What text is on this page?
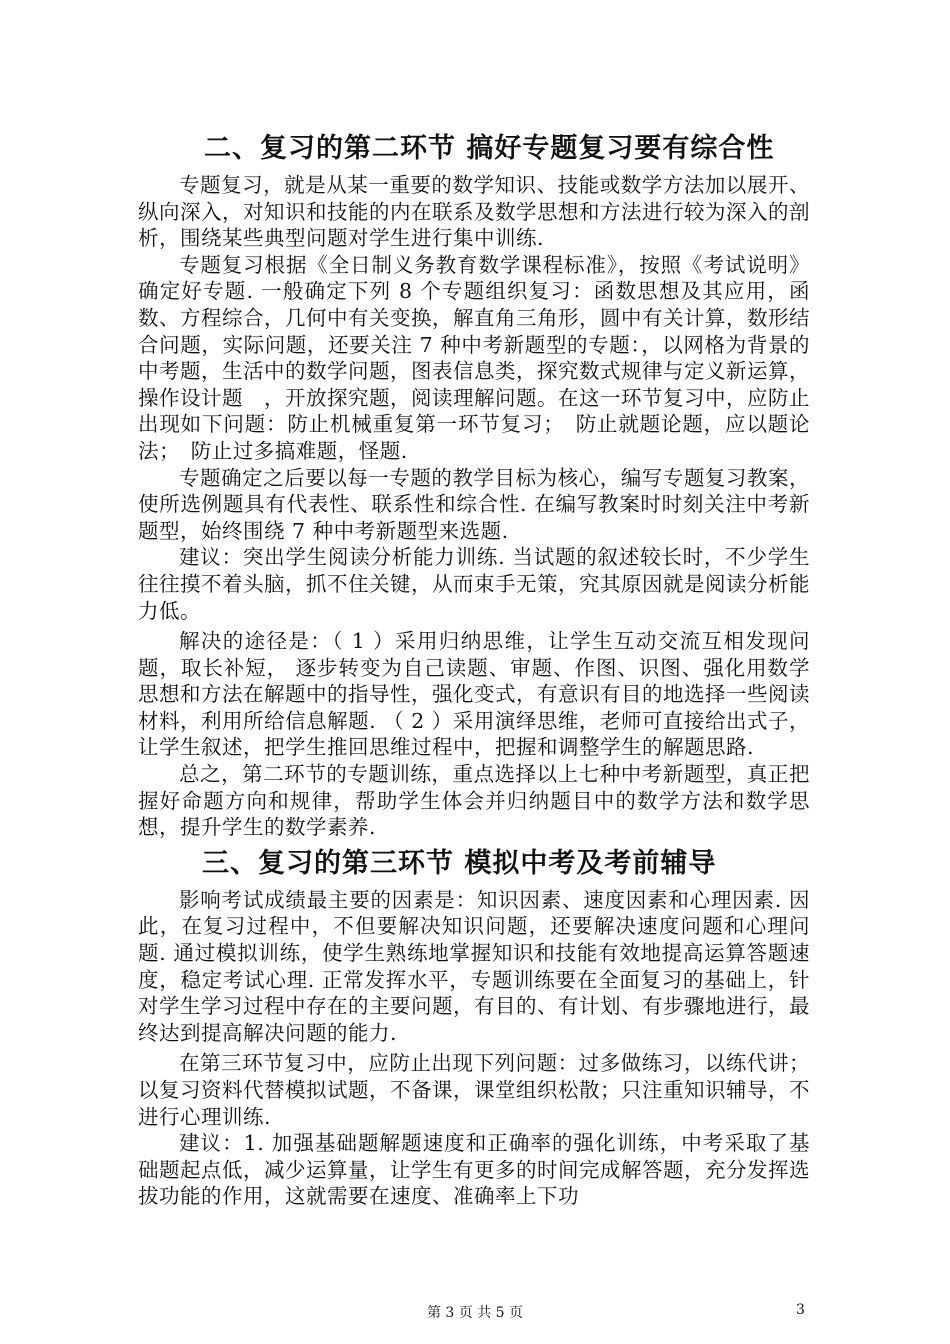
二、复习的第二环节 搞好专题复习要有综合性

专题复习，就是从某一重要的数学知识、技能或数学方法加以展开、纵向深入，对知识和技能的内在联系及数学思想和方法进行较为深入的剖析，围绕某些典型问题对学生进行集中训练.

专题复习根据《全日制义务教育数学课程标准》，按照《考试说明》确定好专题. 一般确定下列 8 个专题组织复习：函数思想及其应用，函数、方程综合，几何中有关变换，解直角三角形，圆中有关计算，数形结合问题，实际问题，还要关注 7 种中考新题型的专题：，以网格为背景的中考题，生活中的数学问题，图表信息类，探究数式规律与定义新运算，操作设计题　，开放探究题，阅读理解问题。在这一环节复习中，应防止出现如下问题：防止机械重复第一环节复习；　防止就题论题，应以题论法；　防止过多搞难题，怪题.

专题确定之后要以每一专题的教学目标为核心，编写专题复习教案，使所选例题具有代表性、联系性和综合性. 在编写教案时时刻关注中考新题型，始终围绕 7 种中考新题型来选题.

建议：突出学生阅读分析能力训练. 当试题的叙述较长时，不少学生往往摸不着头脑，抓不住关键，从而束手无策，究其原因就是阅读分析能力低。

解决的途径是：（ 1 ）采用归纳思维，让学生互动交流互相发现问题，取长补短， 逐步转变为自己读题、审题、作图、识图、强化用数学思想和方法在解题中的指导性，强化变式，有意识有目的地选择一些阅读材料，利用所给信息解题. （ 2 ）采用演绎思维，老师可直接给出式子，让学生叙述，把学生推回思维过程中，把握和调整学生的解题思路.

总之，第二环节的专题训练，重点选择以上七种中考新题型，真正把握好命题方向和规律，帮助学生体会并归纳题目中的数学方法和数学思想，提升学生的数学素养.

三、复习的第三环节 模拟中考及考前辅导

影响考试成绩最主要的因素是：知识因素、速度因素和心理因素. 因此，在复习过程中，不但要解决知识问题，还要解决速度问题和心理问题. 通过模拟训练，使学生熟练地掌握知识和技能有效地提高运算答题速度，稳定考试心理. 正常发挥水平，专题训练要在全面复习的基础上，针对学生学习过程中存在的主要问题，有目的、有计划、有步骤地进行，最终达到提高解决问题的能力.

在第三环节复习中，应防止出现下列问题：过多做练习，以练代讲；以复习资料代替模拟试题，不备课，课堂组织松散；只注重知识辅导，不进行心理训练.

建议：1. 加强基础题解题速度和正确率的强化训练，中考采取了基础题起点低，减少运算量，让学生有更多的时间完成解答题，充分发挥选拔功能的作用，这就需要在速度、准确率上下功

第 3 页 共 5 页	3
